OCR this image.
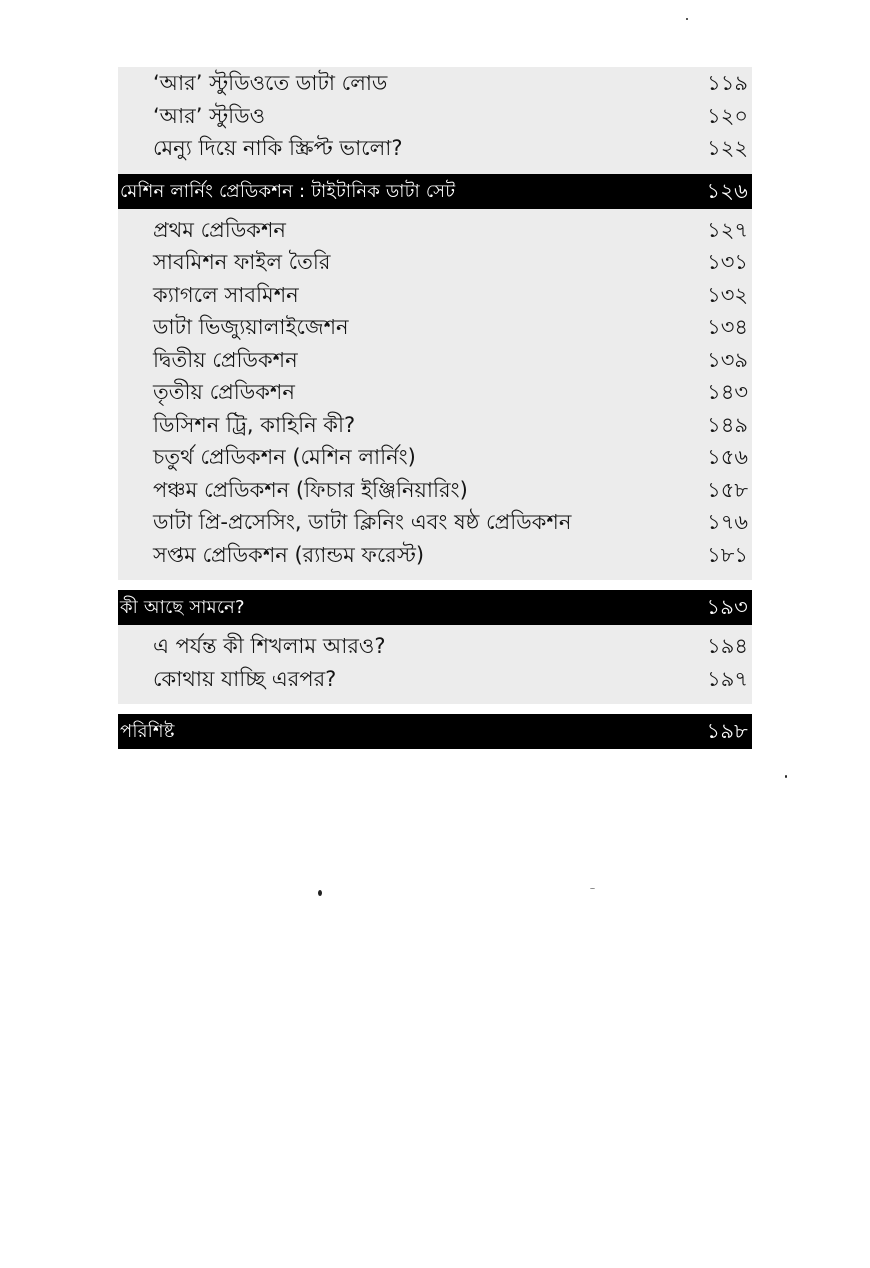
‘আর’ স্টুডিওতে ডাটা লোড	১১৯
‘আর’ স্টুডিও	১২০
মেন্যু দিয়ে নাকি স্ক্রিপ্ট ভালো?	১২২
মেশিন লার্নিং প্রেডিকশন : টাইটানিক ডাটা সেট	১২৬
প্রথম প্রেডিকশন	১২৭
সাবমিশন ফাইল তৈরি	১৩১
ক্যাগলে সাবমিশন	১৩২
ডাটা ভিজ্যুয়ালাইজেশন	১৩৪
দ্বিতীয় প্রেডিকশন	১৩৯
তৃতীয় প্রেডিকশন	১৪৩
ডিসিশন ট্রি, কাহিনি কী?	১৪৯
চতুর্থ প্রেডিকশন (মেশিন লার্নিং)	১৫৬
পঞ্চম প্রেডিকশন (ফিচার ইঞ্জিনিয়ারিং)	১৫৮
ডাটা প্রি-প্রসেসিং, ডাটা ক্লিনিং এবং ষষ্ঠ প্রেডিকশন	১৭৬
সপ্তম প্রেডিকশন (র‍্যান্ডম ফরেস্ট)	১৮১
কী আছে সামনে?	১৯৩
এ পর্যন্ত কী শিখলাম আরও?	১৯৪
কোথায় যাচ্ছি এরপর?	১৯৭
পরিশিষ্ট	১৯৮
